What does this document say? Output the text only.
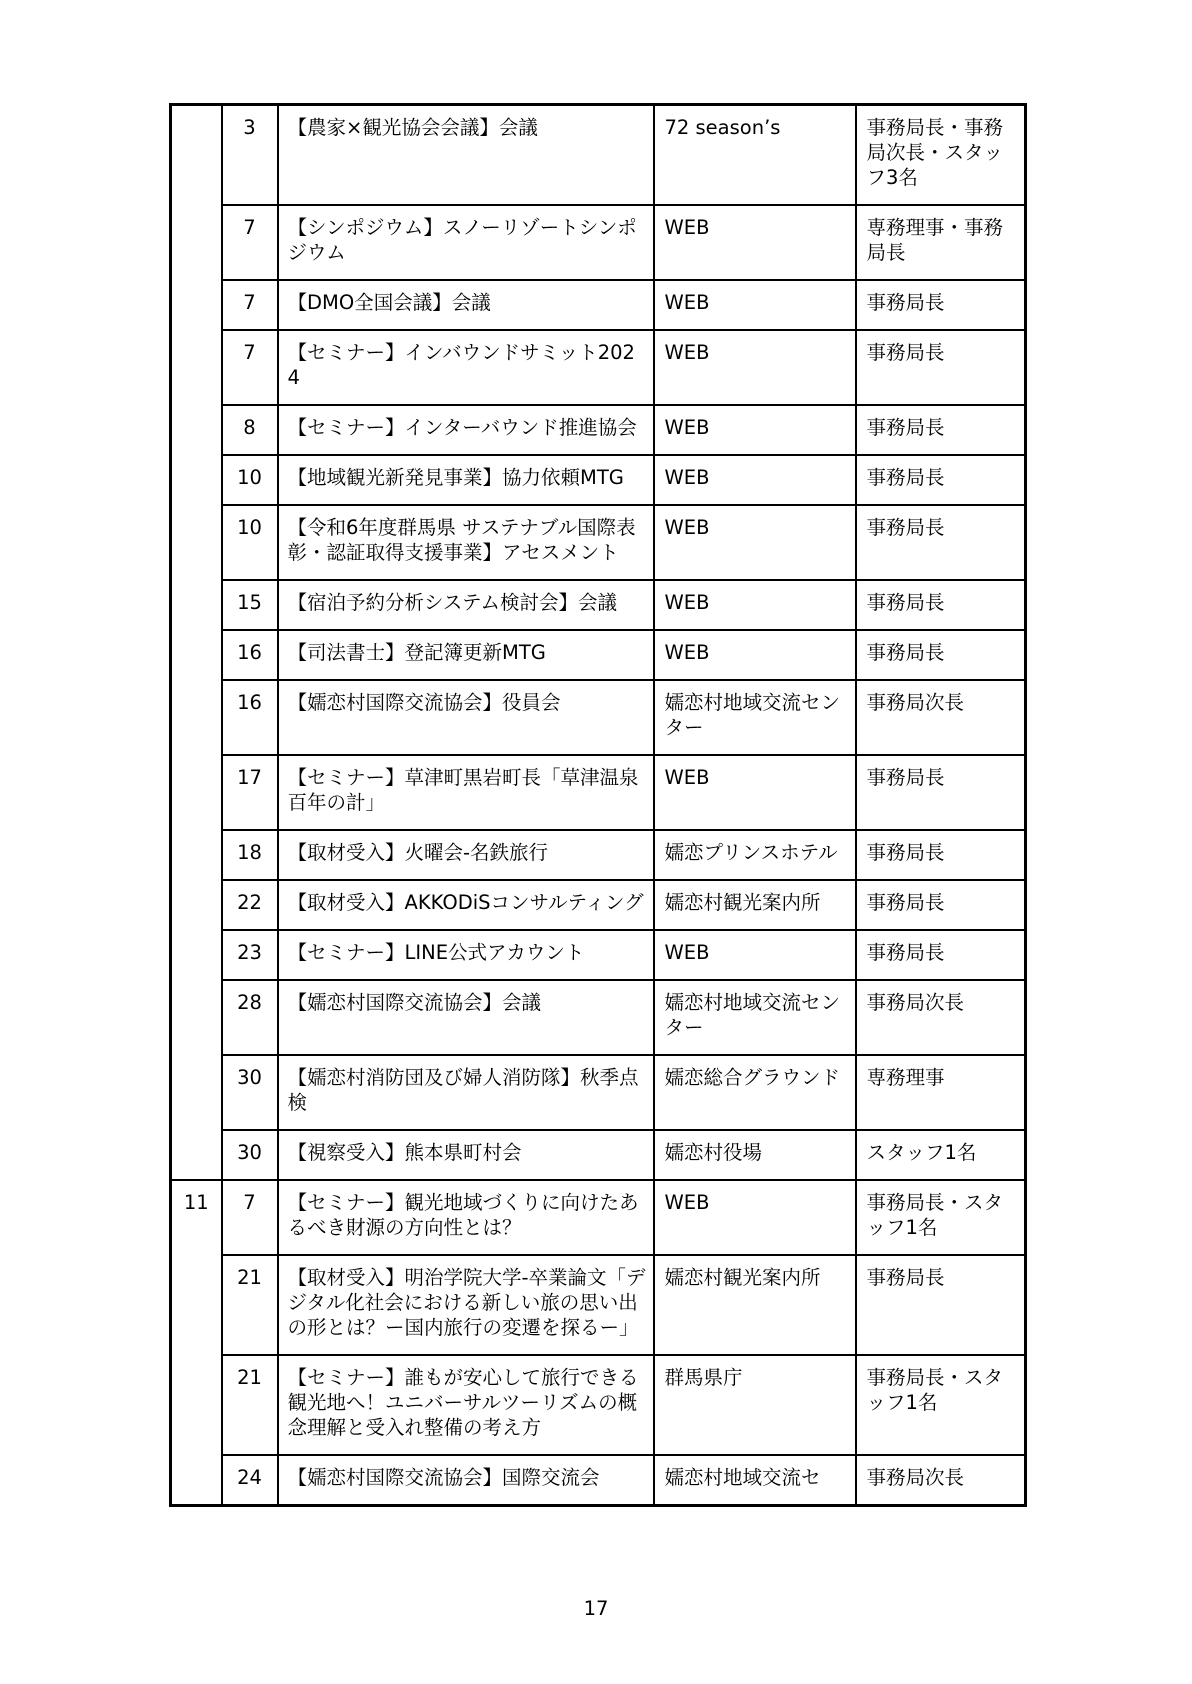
	3	【農家×観光協会会議】会議	72 season’s	事務局長・事務局次長・スタッフ3名
	7	【シンポジウム】スノーリゾートシンポジウム	WEB	専務理事・事務局長
	7	【DMO全国会議】会議	WEB	事務局長
	7	【セミナー】インバウンドサミット2024	WEB	事務局長
	8	【セミナー】インターバウンド推進協会	WEB	事務局長
	10	【地域観光新発見事業】協力依頼MTG	WEB	事務局長
	10	【令和6年度群馬県 サステナブル国際表彰・認証取得支援事業】アセスメント	WEB	事務局長
	15	【宿泊予約分析システム検討会】会議	WEB	事務局長
	16	【司法書士】登記簿更新MTG	WEB	事務局長
	16	【嬬恋村国際交流協会】役員会	嬬恋村地域交流センター	事務局次長
	17	【セミナー】草津町黒岩町長「草津温泉百年の計」	WEB	事務局長
	18	【取材受入】火曜会-名鉄旅行	嬬恋プリンスホテル	事務局長
	22	【取材受入】AKKODiSコンサルティング	嬬恋村観光案内所	事務局長
	23	【セミナー】LINE公式アカウント	WEB	事務局長
	28	【嬬恋村国際交流協会】会議	嬬恋村地域交流センター	事務局次長
	30	【嬬恋村消防団及び婦人消防隊】秋季点検	嬬恋総合グラウンド	専務理事
	30	【視察受入】熊本県町村会	嬬恋村役場	スタッフ1名
11	7	【セミナー】観光地域づくりに向けたあるべき財源の方向性とは？	WEB	事務局長・スタッフ1名
	21	【取材受入】明治学院大学-卒業論文「デジタル化社会における新しい旅の思い出の形とは？ー国内旅行の変遷を探るー」	嬬恋村観光案内所	事務局長
	21	【セミナー】誰もが安心して旅行できる観光地へ！ユニバーサルツーリズムの概念理解と受入れ整備の考え方	群馬県庁	事務局長・スタッフ1名
	24	【嬬恋村国際交流協会】国際交流会	嬬恋村地域交流セ	事務局次長
17
